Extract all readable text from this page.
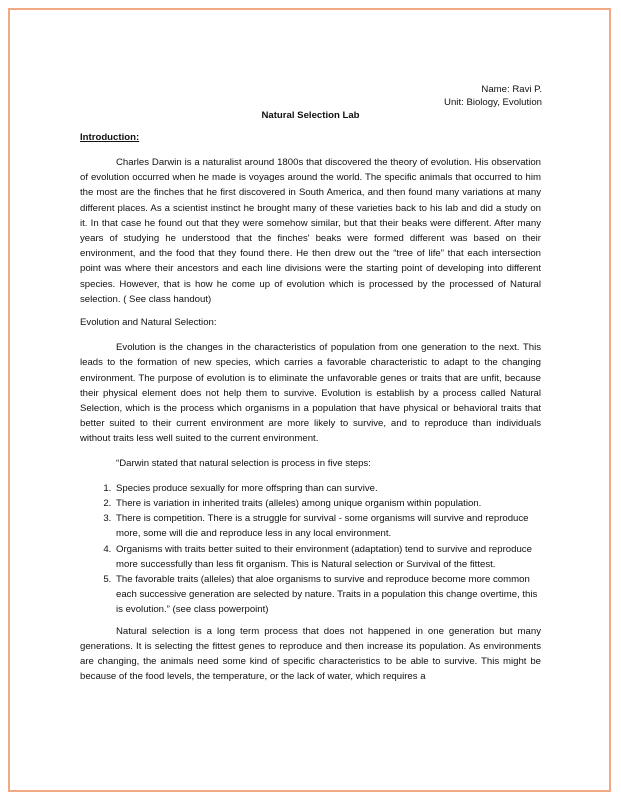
Name: Ravi P.
Unit: Biology, Evolution
Natural Selection Lab
Introduction:

Charles Darwin is a naturalist around 1800s that discovered the theory of evolution. His observation of evolution occurred when he made is voyages around the world. The specific animals that occurred to him the most are the finches that he first discovered in South America, and then found many variations at many different places. As a scientist instinct he brought many of these varieties back to his lab and did a study on it. In that case he found out that they were somehow similar, but that their beaks were different. After many years of studying he understood that the finches' beaks were formed different was based on their environment, and the food that they found there. He then drew out the “tree of life” that each intersection point was where their ancestors and each line divisions were the starting point of developing into different species. However, that is how he come up of evolution which is processed by the processed of Natural selection. ( See class handout)

Evolution and Natural Selection:

Evolution is the changes in the characteristics of population from one generation to the next. This leads to the formation of new species, which carries a favorable characteristic to adapt to the changing environment. The purpose of evolution is to eliminate the unfavorable genes or traits that are unfit, because their physical element does not help them to survive. Evolution is establish by a process called Natural Selection, which is the process which organisms in a population that have physical or behavioral traits that better suited to their current environment are more likely to survive, and to reproduce than individuals without traits less well suited to the current environment.

“Darwin stated that natural selection is process in five steps:
1. Species produce sexually for more offspring than can survive.
2. There is variation in inherited traits (alleles) among unique organism within population.
3. There is competition. There is a struggle for survival - some organisms will survive and reproduce more, some will die and reproduce less in any local environment.
4. Organisms with traits better suited to their environment (adaptation) tend to survive and reproduce more successfully than less fit organism. This is Natural selection or Survival of the fittest.
5. The favorable traits (alleles) that aloe organisms to survive and reproduce become more common each successive generation are selected by nature. Traits in a population this change overtime, this is evolution.” (see class powerpoint)

Natural selection is a long term process that does not happened in one generation but many generations. It is selecting the fittest genes to reproduce and then increase its population. As environments are changing, the animals need some kind of specific characteristics to be able to survive. This might be because of the food levels, the temperature, or the lack of water, which requires a
